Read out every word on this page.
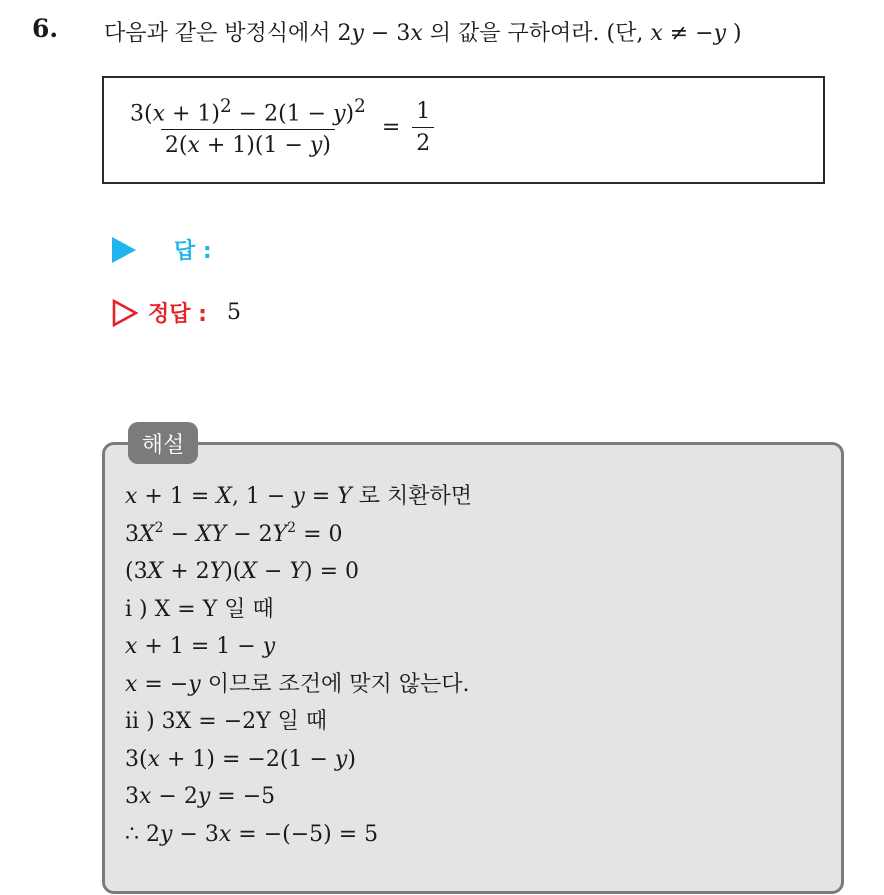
6. 다음과 같은 방정식에서 2y − 3x 의 값을 구하여라. (단, x ≠ −y )
$\frac{3(x + 1)^2 - 2(1 - y)^2}{2(x + 1)(1 - y)} = \frac{1}{2}$
답 :
정답 : 5
해설
x + 1 = X, 1 − y = Y 로 치환하면
$3X^2$ − XY − $2Y^2 = 0$
(3X + 2Y)(X − Y) = 0
i ) X = Y 일 때
x + 1 = 1 − y
x = −y 이므로 조건에 맞지 않는다.
ii ) 3X = −2Y 일 때
3(x + 1) = −2(1 − y)
3x − 2y = −5
∴ 2y − 3x = −(−5) = 5
